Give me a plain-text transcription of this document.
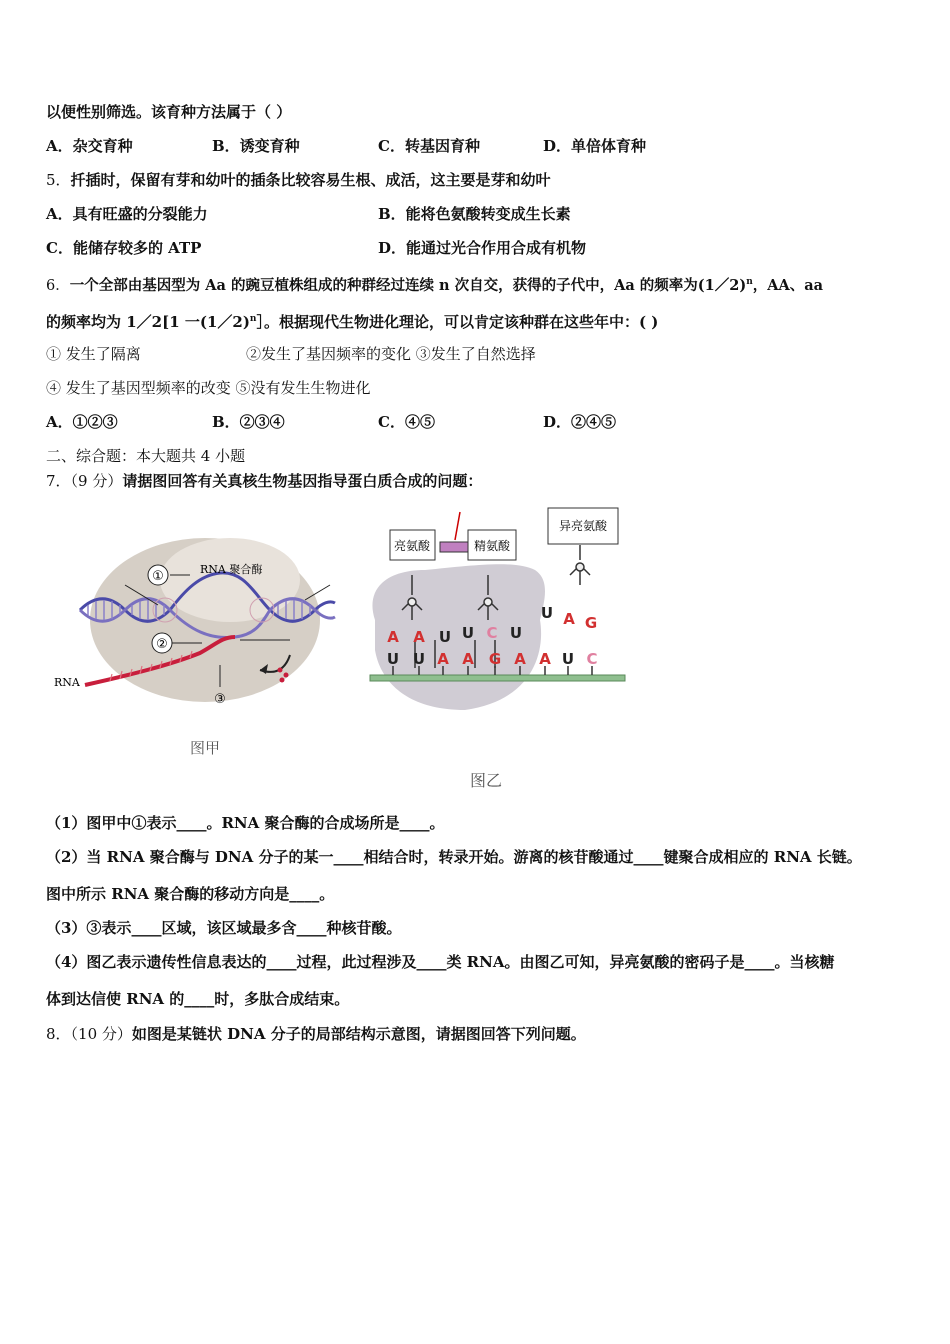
以便性别筛选。该育种方法属于（ ）
A．杂交育种	B．诱变育种	C．转基因育种	D．单倍体育种
5．扦插时，保留有芽和幼叶的插条比较容易生根、成活，这主要是芽和幼叶
A．具有旺盛的分裂能力	B．能将色氨酸转变成生长素
C．能储存较多的 ATP	D．能通过光合作用合成有机物
6．一个全部由基因型为 Aa 的豌豆植株组成的种群经过连续 n 次自交，获得的子代中，Aa 的频率为(1／2)$^n$，AA、aa
的频率均为 1／2[1 一(1／2)$^n$］。根据现代生物进化理论，可以肯定该种群在这些年中：( )
① 发生了隔离	②发生了基因频率的变化 ③发生了自然选择
④ 发生了基因型频率的改变 ⑤没有发生生物进化
A．①②③	B．②③④	C．④⑤	D．②④⑤
二、综合题：本大题共 4 小题
7．（9 分）请据图回答有关真核生物基因指导蛋白质合成的问题：
①
②
③
RNA 聚合酶
RNA
图甲
亮氨酸	精氨酸
异亮氨酸
A A U U C U
U A G
U U A A G A A U C
图乙
（1）图甲中①表示____。RNA 聚合酶的合成场所是____。
（2）当 RNA 聚合酶与 DNA 分子的某一____相结合时，转录开始。游离的核苷酸通过____键聚合成相应的 RNA 长链。
图中所示 RNA 聚合酶的移动方向是____。
（3）③表示____区域，该区域最多含____种核苷酸。
（4）图乙表示遗传性信息表达的____过程，此过程涉及____类 RNA。由图乙可知，异亮氨酸的密码子是____。当核糖
体到达信使 RNA 的____时，多肽合成结束。
8．（10 分）如图是某链状 DNA 分子的局部结构示意图，请据图回答下列问题。
